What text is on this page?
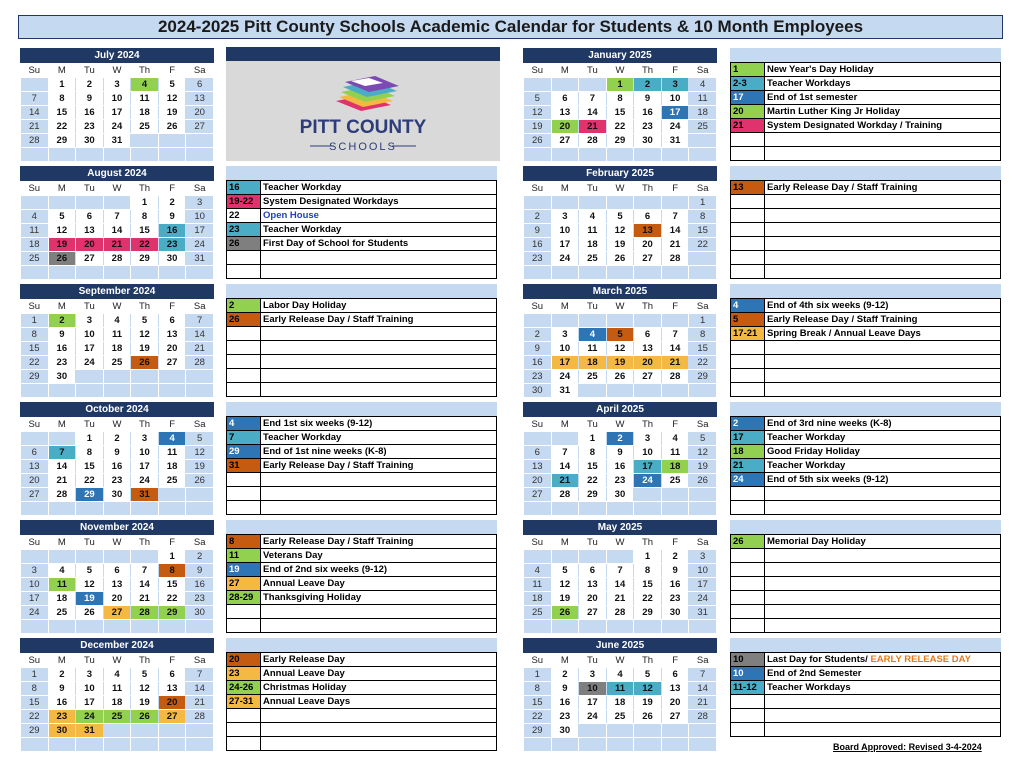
2024-2025 Pitt County Schools Academic Calendar for Students & 10 Month Employees
PITT COUNTY
SCHOOLS
July 2024
Su	M	Tu	W	Th	F	Sa
	1	2	3	4	5	6
7	8	9	10	11	12	13
14	15	16	17	18	19	20
21	22	23	24	25	26	27
28	29	30	31			

August 2024
Su	M	Tu	W	Th	F	Sa
				1	2	3
4	5	6	7	8	9	10
11	12	13	14	15	16	17
18	19	20	21	22	23	24
25	26	27	28	29	30	31

September 2024
Su	M	Tu	W	Th	F	Sa
1	2	3	4	5	6	7
8	9	10	11	12	13	14
15	16	17	18	19	20	21
22	23	24	25	26	27	28
29	30					

October 2024
Su	M	Tu	W	Th	F	Sa
		1	2	3	4	5
6	7	8	9	10	11	12
13	14	15	16	17	18	19
20	21	22	23	24	25	26
27	28	29	30	31		

November 2024
Su	M	Tu	W	Th	F	Sa
					1	2
3	4	5	6	7	8	9
10	11	12	13	14	15	16
17	18	19	20	21	22	23
24	25	26	27	28	29	30

December 2024
Su	M	Tu	W	Th	F	Sa
1	2	3	4	5	6	7
8	9	10	11	12	13	14
15	16	17	18	19	20	21
22	23	24	25	26	27	28
29	30	31				

January 2025
Su	M	Tu	W	Th	F	Sa
			1	2	3	4
5	6	7	8	9	10	11
12	13	14	15	16	17	18
19	20	21	22	23	24	25
26	27	28	29	30	31	

February 2025
Su	M	Tu	W	Th	F	Sa
						1
2	3	4	5	6	7	8
9	10	11	12	13	14	15
16	17	18	19	20	21	22
23	24	25	26	27	28	

March 2025
Su	M	Tu	W	Th	F	Sa
						1
2	3	4	5	6	7	8
9	10	11	12	13	14	15
16	17	18	19	20	21	22
23	24	25	26	27	28	29
30	31					
April 2025
Su	M	Tu	W	Th	F	Sa
		1	2	3	4	5
6	7	8	9	10	11	12
13	14	15	16	17	18	19
20	21	22	23	24	25	26
27	28	29	30			

May 2025
Su	M	Tu	W	Th	F	Sa
				1	2	3
4	5	6	7	8	9	10
11	12	13	14	15	16	17
18	19	20	21	22	23	24
25	26	27	28	29	30	31

June 2025
Su	M	Tu	W	Th	F	Sa
1	2	3	4	5	6	7
8	9	10	11	12	13	14
15	16	17	18	19	20	21
22	23	24	25	26	27	28
29	30					

16	Teacher Workday
19-22	System Designated Workdays
22	Open House
23	Teacher Workday
26	First Day of School for Students

2	Labor Day Holiday
26	Early Release Day / Staff Training

4	End 1st six weeks (9-12)
7	Teacher Workday
29	End of 1st nine weeks (K-8)
31	Early Release Day / Staff Training

8	Early Release Day / Staff Training
11	Veterans Day
19	End of 2nd six weeks (9-12)
27	Annual Leave Day
28-29	Thanksgiving Holiday

20	Early Release Day
23	Annual Leave Day
24-26	Christmas Holiday
27-31	Annual Leave Days

1	New Year's Day Holiday
2-3	Teacher Workdays
17	End of 1st semester
20	Martin Luther King Jr Holiday
21	System Designated Workday / Training

13	Early Release Day / Staff Training

4	End of 4th six weeks (9-12)
5	Early Release Day / Staff Training
17-21	Spring Break / Annual Leave Days

2	End of 3rd nine weeks (K-8)
17	Teacher Workday
18	Good Friday Holiday
21	Teacher Workday
24	End of 5th six weeks (9-12)

26	Memorial Day Holiday

10	Last Day for Students/ EARLY RELEASE DAY
10	End of 2nd Semester
11-12	Teacher Workdays

Board Approved: Revised 3-4-2024
